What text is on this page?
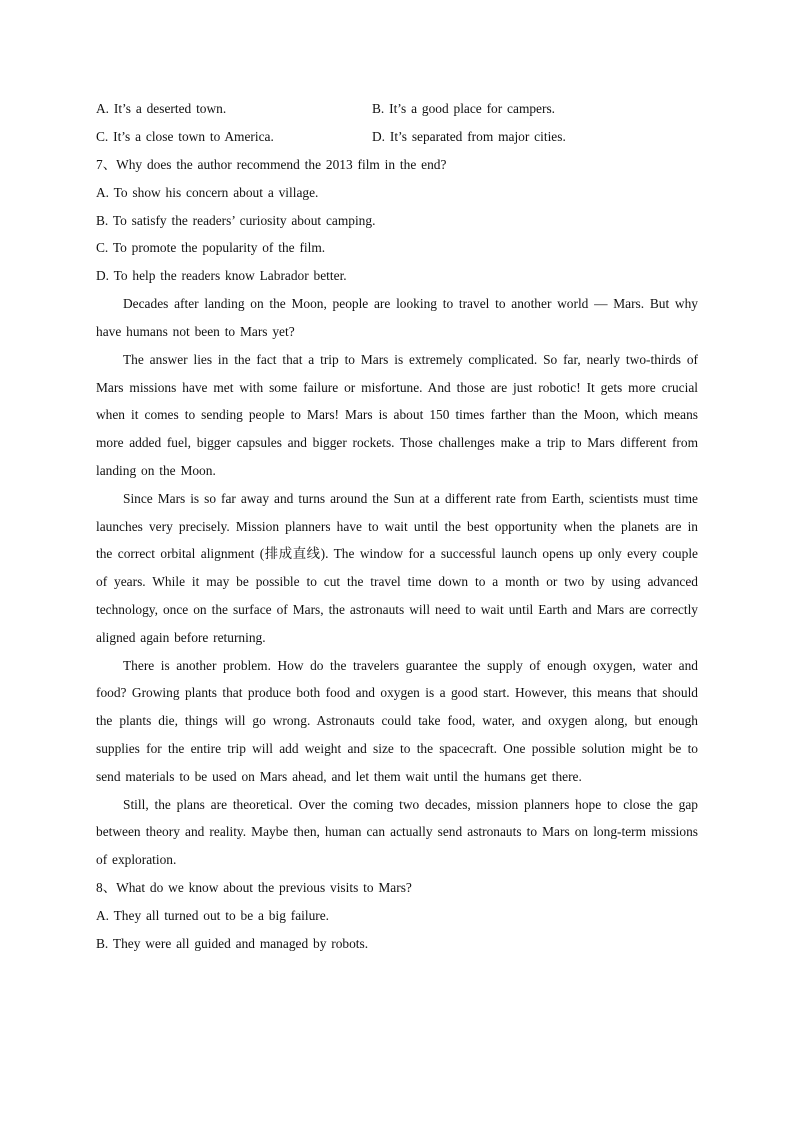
A. It’s a deserted town.	B. It’s a good place for campers.
C. It’s a close town to America.	D. It’s separated from major cities.
7、Why does the author recommend the 2013 film in the end?
A. To show his concern about a village.
B. To satisfy the readers’ curiosity about camping.
C. To promote the popularity of the film.
D. To help the readers know Labrador better.
Decades after landing on the Moon, people are looking to travel to another world — Mars. But why have humans not been to Mars yet?
The answer lies in the fact that a trip to Mars is extremely complicated. So far, nearly two-thirds of Mars missions have met with some failure or misfortune. And those are just robotic! It gets more crucial when it comes to sending people to Mars! Mars is about 150 times farther than the Moon, which means more added fuel, bigger capsules and bigger rockets. Those challenges make a trip to Mars different from landing on the Moon.
Since Mars is so far away and turns around the Sun at a different rate from Earth, scientists must time launches very precisely. Mission planners have to wait until the best opportunity when the planets are in the correct orbital alignment (排成直线). The window for a successful launch opens up only every couple of years. While it may be possible to cut the travel time down to a month or two by using advanced technology, once on the surface of Mars, the astronauts will need to wait until Earth and Mars are correctly aligned again before returning.
There is another problem. How do the travelers guarantee the supply of enough oxygen, water and food? Growing plants that produce both food and oxygen is a good start. However, this means that should the plants die, things will go wrong. Astronauts could take food, water, and oxygen along, but enough supplies for the entire trip will add weight and size to the spacecraft. One possible solution might be to send materials to be used on Mars ahead, and let them wait until the humans get there.
Still, the plans are theoretical. Over the coming two decades, mission planners hope to close the gap between theory and reality. Maybe then, human can actually send astronauts to Mars on long-term missions of exploration.
8、What do we know about the previous visits to Mars?
A. They all turned out to be a big failure.
B. They were all guided and managed by robots.
